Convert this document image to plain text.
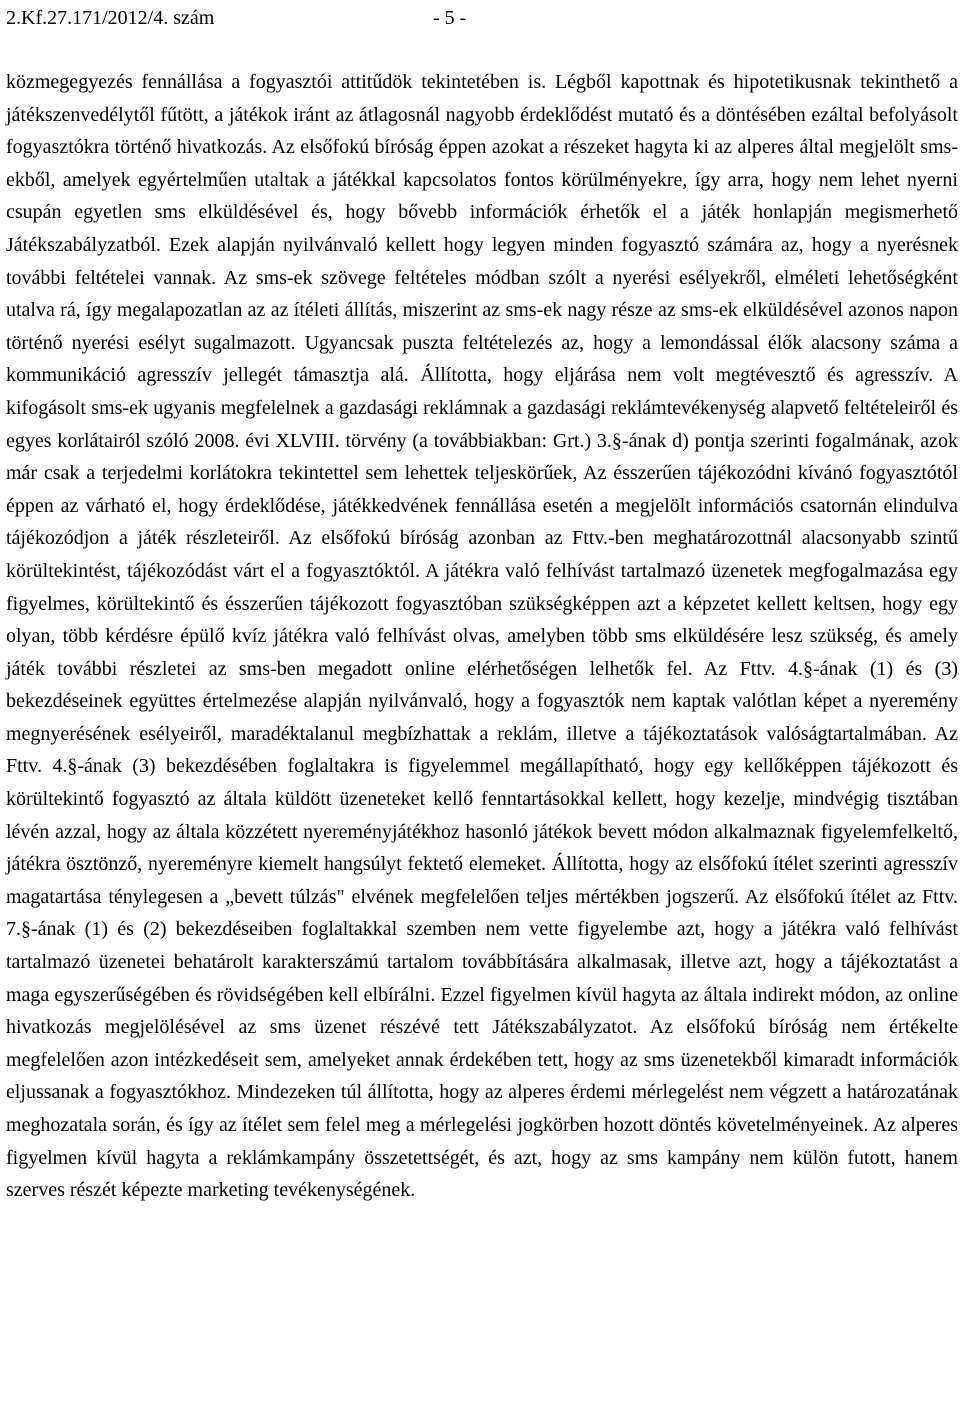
2.Kf.27.171/2012/4. szám	- 5 -

közmegegyezés fennállása a fogyasztói attitűdök tekintetében is. Légből kapottnak és hipotetikusnak tekinthető a játékszenvedélytől fűtött, a játékok iránt az átlagosnál nagyobb érdeklődést mutató és a döntésében ezáltal befolyásolt fogyasztókra történő hivatkozás. Az elsőfokú bíróság éppen azokat a részeket hagyta ki az alperes által megjelölt sms-ekből, amelyek egyértelműen utaltak a játékkal kapcsolatos fontos körülményekre, így arra, hogy nem lehet nyerni csupán egyetlen sms elküldésével és, hogy bővebb információk érhetők el a játék honlapján megismerhető Játékszabályzatból. Ezek alapján nyilvánvaló kellett hogy legyen minden fogyasztó számára az, hogy a nyerésnek további feltételei vannak. Az sms-ek szövege feltételes módban szólt a nyerési esélyekről, elméleti lehetőségként utalva rá, így megalapozatlan az az ítéleti állítás, miszerint az sms-ek nagy része az sms-ek elküldésével azonos napon történő nyerési esélyt sugalmazott. Ugyancsak puszta feltételezés az, hogy a lemondással élők alacsony száma a kommunikáció agresszív jellegét támasztja alá. Állította, hogy eljárása nem volt megtévesztő és agresszív. A kifogásolt sms-ek ugyanis megfelelnek a gazdasági reklámnak a gazdasági reklámtevékenység alapvető feltételeiről és egyes korlátairól szóló 2008. évi XLVIII. törvény (a továbbiakban: Grt.) 3.§-ának d) pontja szerinti fogalmának, azok már csak a terjedelmi korlátokra tekintettel sem lehettek teljeskörűek, Az ésszerűen tájékozódni kívánó fogyasztótól éppen az várható el, hogy érdeklődése, játékkedvének fennállása esetén a megjelölt információs csatornán elindulva tájékozódjon a játék részleteiről. Az elsőfokú bíróság azonban az Fttv.-ben meghatározottnál alacsonyabb szintű körültekintést, tájékozódást várt el a fogyasztóktól. A játékra való felhívást tartalmazó üzenetek megfogalmazása egy figyelmes, körültekintő és ésszerűen tájékozott fogyasztóban szükségképpen azt a képzetet kellett keltsen, hogy egy olyan, több kérdésre épülő kvíz játékra való felhívást olvas, amelyben több sms elküldésére lesz szükség, és amely játék további részletei az sms-ben megadott online elérhetőségen lelhetők fel. Az Fttv. 4.§-ának (1) és (3) bekezdéseinek együttes értelmezése alapján nyilvánvaló, hogy a fogyasztók nem kaptak valótlan képet a nyeremény megnyerésének esélyeiről, maradéktalanul megbízhattak a reklám, illetve a tájékoztatások valóságtartalmában. Az Fttv. 4.§-ának (3) bekezdésében foglaltakra is figyelemmel megállapítható, hogy egy kellőképpen tájékozott és körültekintő fogyasztó az általa küldött üzeneteket kellő fenntartásokkal kellett, hogy kezelje, mindvégig tisztában lévén azzal, hogy az általa közzétett nyereményjátékhoz hasonló játékok bevett módon alkalmaznak figyelemfelkeltő, játékra ösztönző, nyereményre kiemelt hangsúlyt fektető elemeket. Állította, hogy az elsőfokú ítélet szerinti agresszív magatartása ténylegesen a „bevett túlzás" elvének megfelelően teljes mértékben jogszerű. Az elsőfokú ítélet az Fttv. 7.§-ának (1) és (2) bekezdéseiben foglaltakkal szemben nem vette figyelembe azt, hogy a játékra való felhívást tartalmazó üzenetei behatárolt karakterszámú tartalom továbbítására alkalmasak, illetve azt, hogy a tájékoztatást a maga egyszerűségében és rövidségében kell elbírálni. Ezzel figyelmen kívül hagyta az általa indirekt módon, az online hivatkozás megjelölésével az sms üzenet részévé tett Játékszabályzatot. Az elsőfokú bíróság nem értékelte megfelelően azon intézkedéseit sem, amelyeket annak érdekében tett, hogy az sms üzenetekből kimaradt információk eljussanak a fogyasztókhoz. Mindezeken túl állította, hogy az alperes érdemi mérlegelést nem végzett a határozatának meghozatala során, és így az ítélet sem felel meg a mérlegelési jogkörben hozott döntés követelményeinek. Az alperes figyelmen kívül hagyta a reklámkampány összetettségét, és azt, hogy az sms kampány nem külön futott, hanem szerves részét képezte marketing tevékenységének.
